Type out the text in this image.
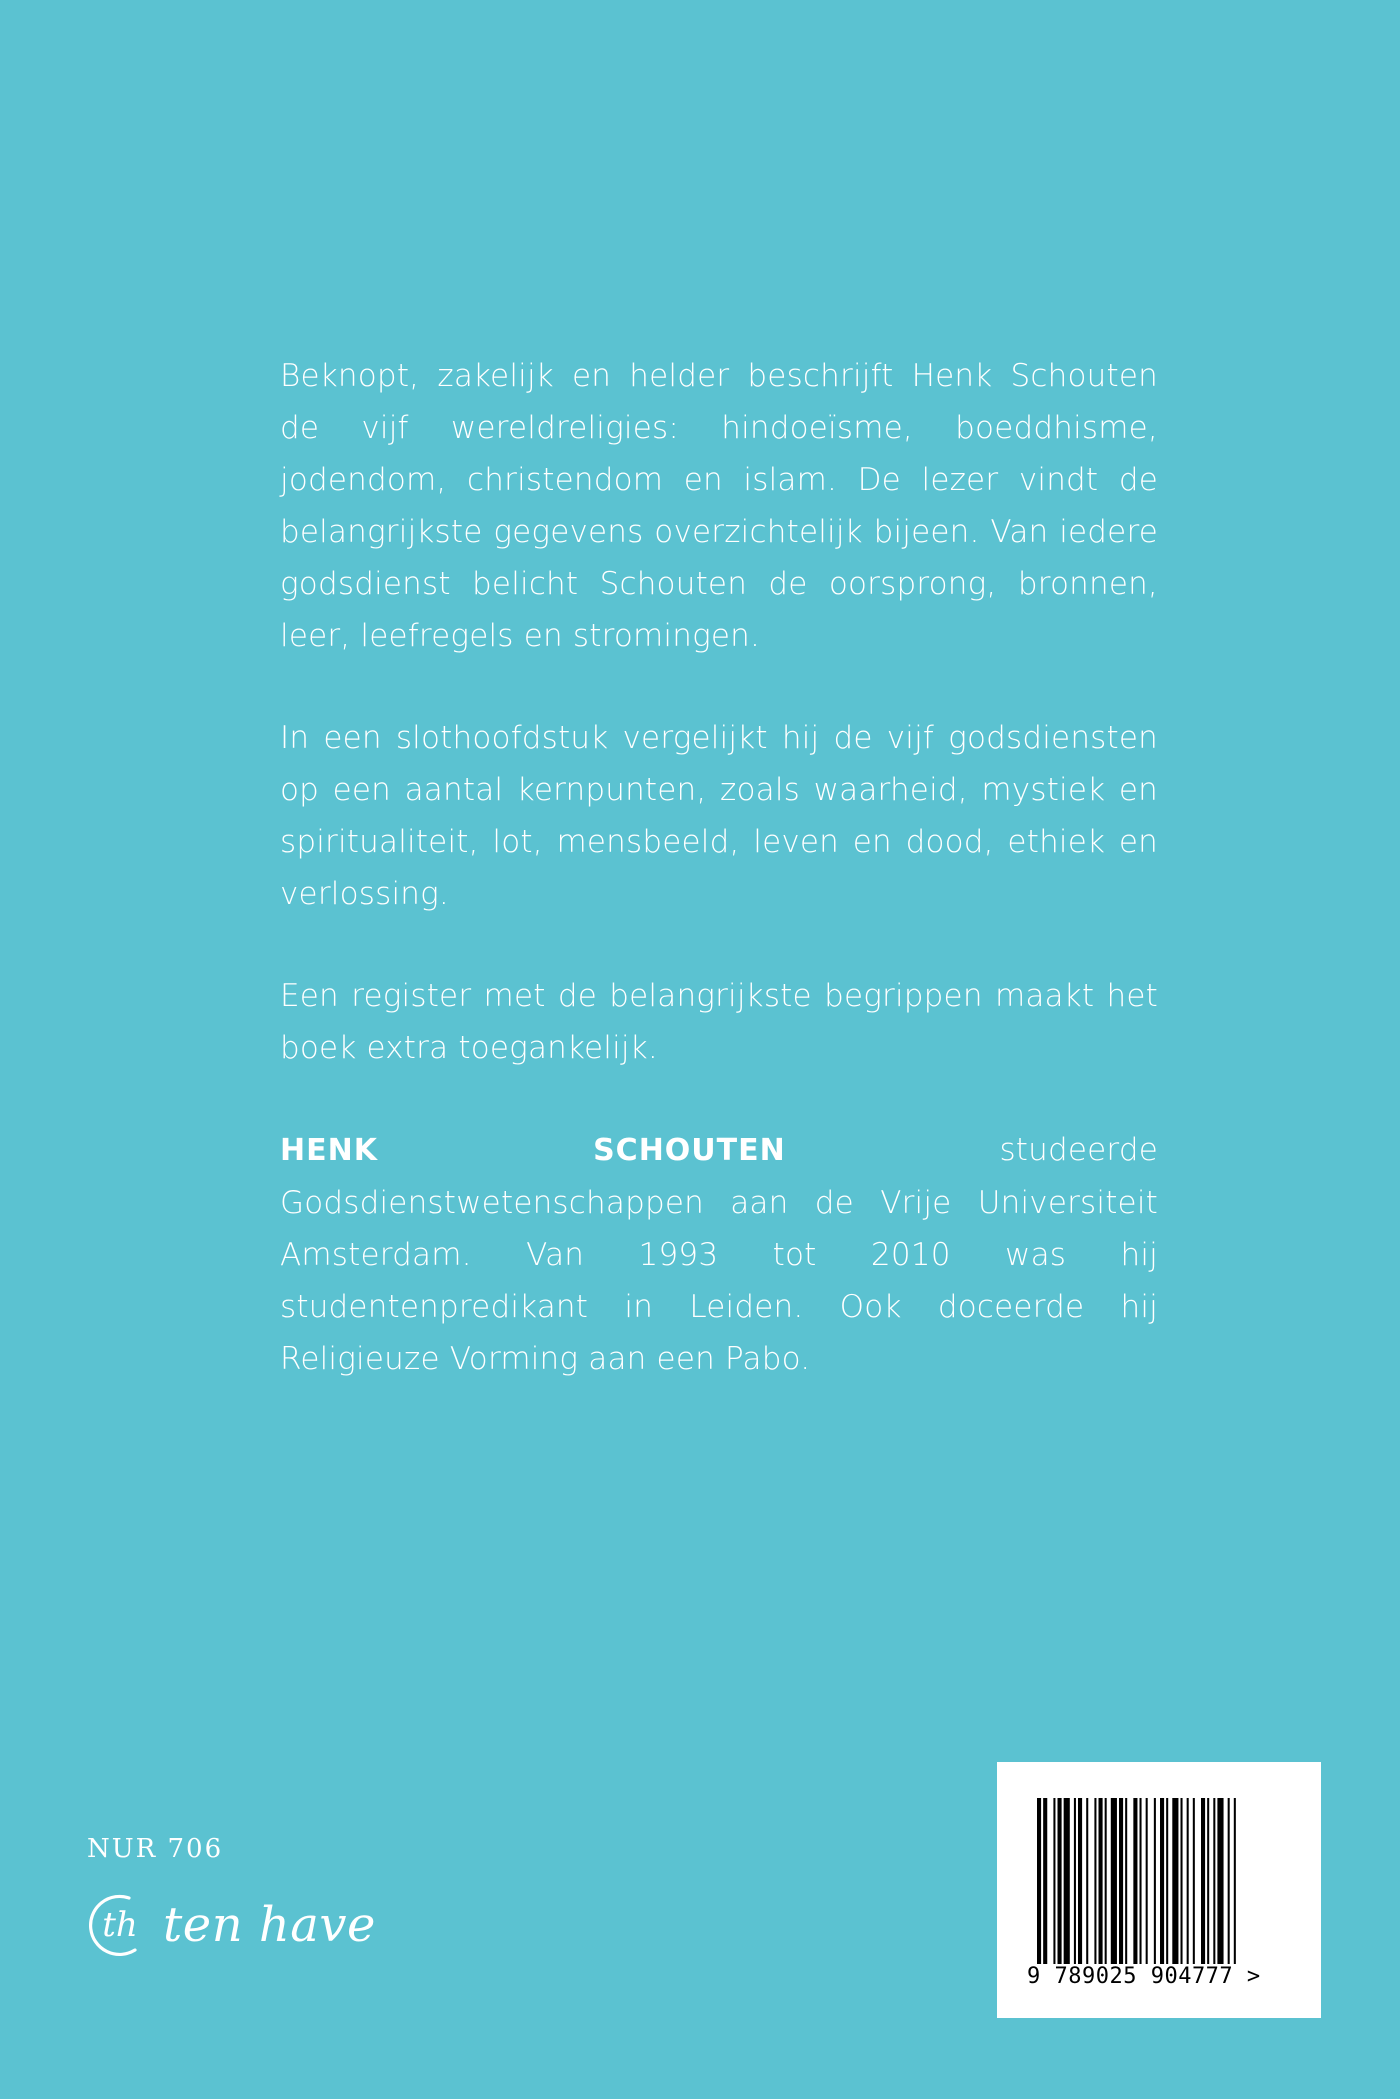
Beknopt, zakelijk en helder beschrijft Henk Schouten de vijf wereldreligies: hindoeïsme, boeddhisme, jodendom, christendom en islam. De lezer vindt de belangrijkste gegevens overzichtelijk bijeen. Van iedere godsdienst belicht Schouten de oorsprong, bronnen, leer, leefregels en stromingen.

In een slothoofdstuk vergelijkt hij de vijf godsdiensten op een aantal kernpunten, zoals waarheid, mystiek en spiritualiteit, lot, mensbeeld, leven en dood, ethiek en verlossing.

Een register met de belangrijkste begrippen maakt het boek extra toegankelijk.

HENK SCHOUTEN studeerde Godsdienstwetenschappen aan de Vrije Universiteit Amsterdam. Van 1993 tot 2010 was hij studentenpredikant in Leiden. Ook doceerde hij Religieuze Vorming aan een Pabo.

NUR 706
th ten have
9 789025 904777 >
